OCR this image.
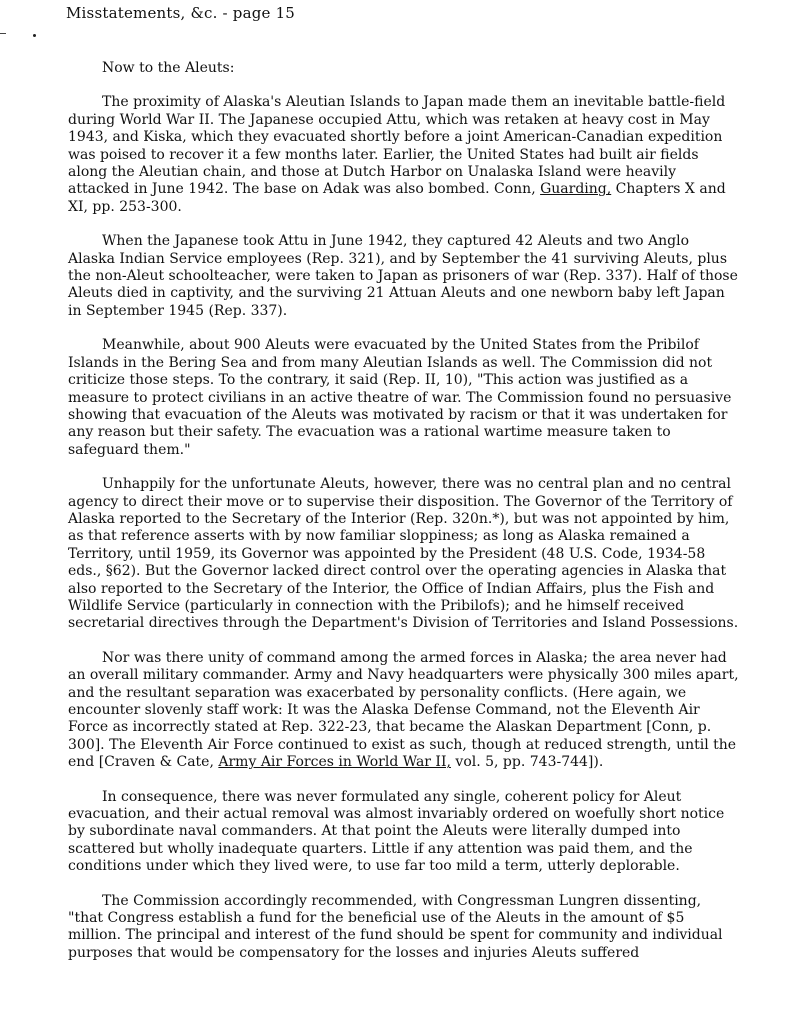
Misstatements, &c. - page 15

Now to the Aleuts:

The proximity of Alaska's Aleutian Islands to Japan made them an inevitable battle-field during World War II. The Japanese occupied Attu, which was retaken at heavy cost in May 1943, and Kiska, which they evacuated shortly before a joint American-Canadian expedition was poised to recover it a few months later. Earlier, the United States had built air fields along the Aleutian chain, and those at Dutch Harbor on Unalaska Island were heavily attacked in June 1942. The base on Adak was also bombed. Conn, Guarding, Chapters X and XI, pp. 253-300.

When the Japanese took Attu in June 1942, they captured 42 Aleuts and two Anglo Alaska Indian Service employees (Rep. 321), and by September the 41 surviving Aleuts, plus the non-Aleut schoolteacher, were taken to Japan as prisoners of war (Rep. 337). Half of those Aleuts died in captivity, and the surviving 21 Attuan Aleuts and one newborn baby left Japan in September 1945 (Rep. 337).

Meanwhile, about 900 Aleuts were evacuated by the United States from the Pribilof Islands in the Bering Sea and from many Aleutian Islands as well. The Commission did not criticize those steps. To the contrary, it said (Rep. II, 10), "This action was justified as a measure to protect civilians in an active theatre of war. The Commission found no persuasive showing that evacuation of the Aleuts was motivated by racism or that it was undertaken for any reason but their safety. The evacuation was a rational wartime measure taken to safeguard them."

Unhappily for the unfortunate Aleuts, however, there was no central plan and no central agency to direct their move or to supervise their disposition. The Governor of the Territory of Alaska reported to the Secretary of the Interior (Rep. 320n.*), but was not appointed by him, as that reference asserts with by now familiar sloppiness; as long as Alaska remained a Territory, until 1959, its Governor was appointed by the President (48 U.S. Code, 1934-58 eds., §62). But the Governor lacked direct control over the operating agencies in Alaska that also reported to the Secretary of the Interior, the Office of Indian Affairs, plus the Fish and Wildlife Service (particularly in connection with the Pribilofs); and he himself received secretarial directives through the Department's Division of Territories and Island Possessions.

Nor was there unity of command among the armed forces in Alaska; the area never had an overall military commander. Army and Navy headquarters were physically 300 miles apart, and the resultant separation was exacerbated by personality conflicts. (Here again, we encounter slovenly staff work: It was the Alaska Defense Command, not the Eleventh Air Force as incorrectly stated at Rep. 322-23, that became the Alaskan Department [Conn, p. 300]. The Eleventh Air Force continued to exist as such, though at reduced strength, until the end [Craven & Cate, Army Air Forces in World War II, vol. 5, pp. 743-744]).

In consequence, there was never formulated any single, coherent policy for Aleut evacuation, and their actual removal was almost invariably ordered on woefully short notice by subordinate naval commanders. At that point the Aleuts were literally dumped into scattered but wholly inadequate quarters. Little if any attention was paid them, and the conditions under which they lived were, to use far too mild a term, utterly deplorable.

The Commission accordingly recommended, with Congressman Lungren dissenting, "that Congress establish a fund for the beneficial use of the Aleuts in the amount of $5 million. The principal and interest of the fund should be spent for community and individual purposes that would be compensatory for the losses and injuries Aleuts suffered
